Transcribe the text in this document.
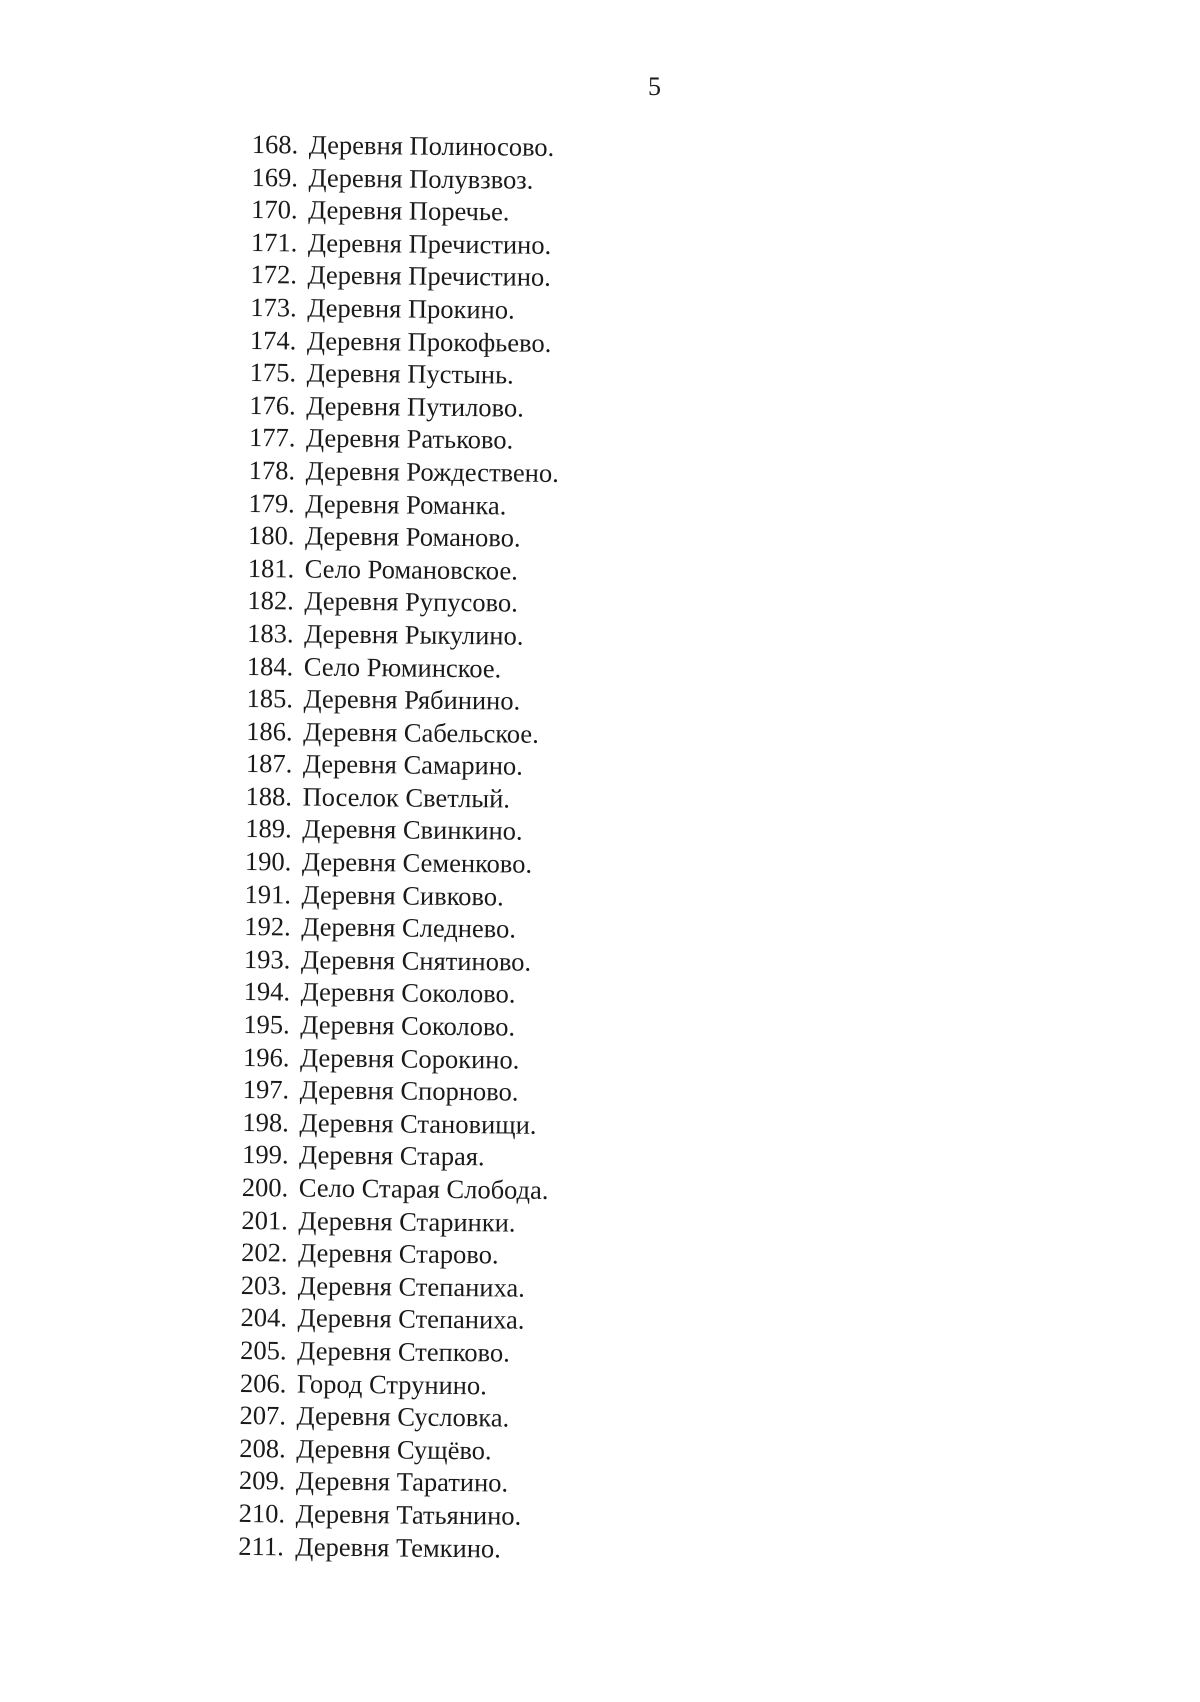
5
168. Деревня Полиносово.
169. Деревня Полувзвоз.
170. Деревня Поречье.
171. Деревня Пречистино.
172. Деревня Пречистино.
173. Деревня Прокино.
174. Деревня Прокофьево.
175. Деревня Пустынь.
176. Деревня Путилово.
177. Деревня Ратьково.
178. Деревня Рождествено.
179. Деревня Романка.
180. Деревня Романово.
181. Село Романовское.
182. Деревня Рупусово.
183. Деревня Рыкулино.
184. Село Рюминское.
185. Деревня Рябинино.
186. Деревня Сабельское.
187. Деревня Самарино.
188. Поселок Светлый.
189. Деревня Свинкино.
190. Деревня Семенково.
191. Деревня Сивково.
192. Деревня Следнево.
193. Деревня Снятиново.
194. Деревня Соколово.
195. Деревня Соколово.
196. Деревня Сорокино.
197. Деревня Спорново.
198. Деревня Становищи.
199. Деревня Старая.
200. Село Старая Слобода.
201. Деревня Старинки.
202. Деревня Старово.
203. Деревня Степаниха.
204. Деревня Степаниха.
205. Деревня Степково.
206. Город Струнино.
207. Деревня Сусловка.
208. Деревня Сущёво.
209. Деревня Таратино.
210. Деревня Татьянино.
211. Деревня Темкино.
